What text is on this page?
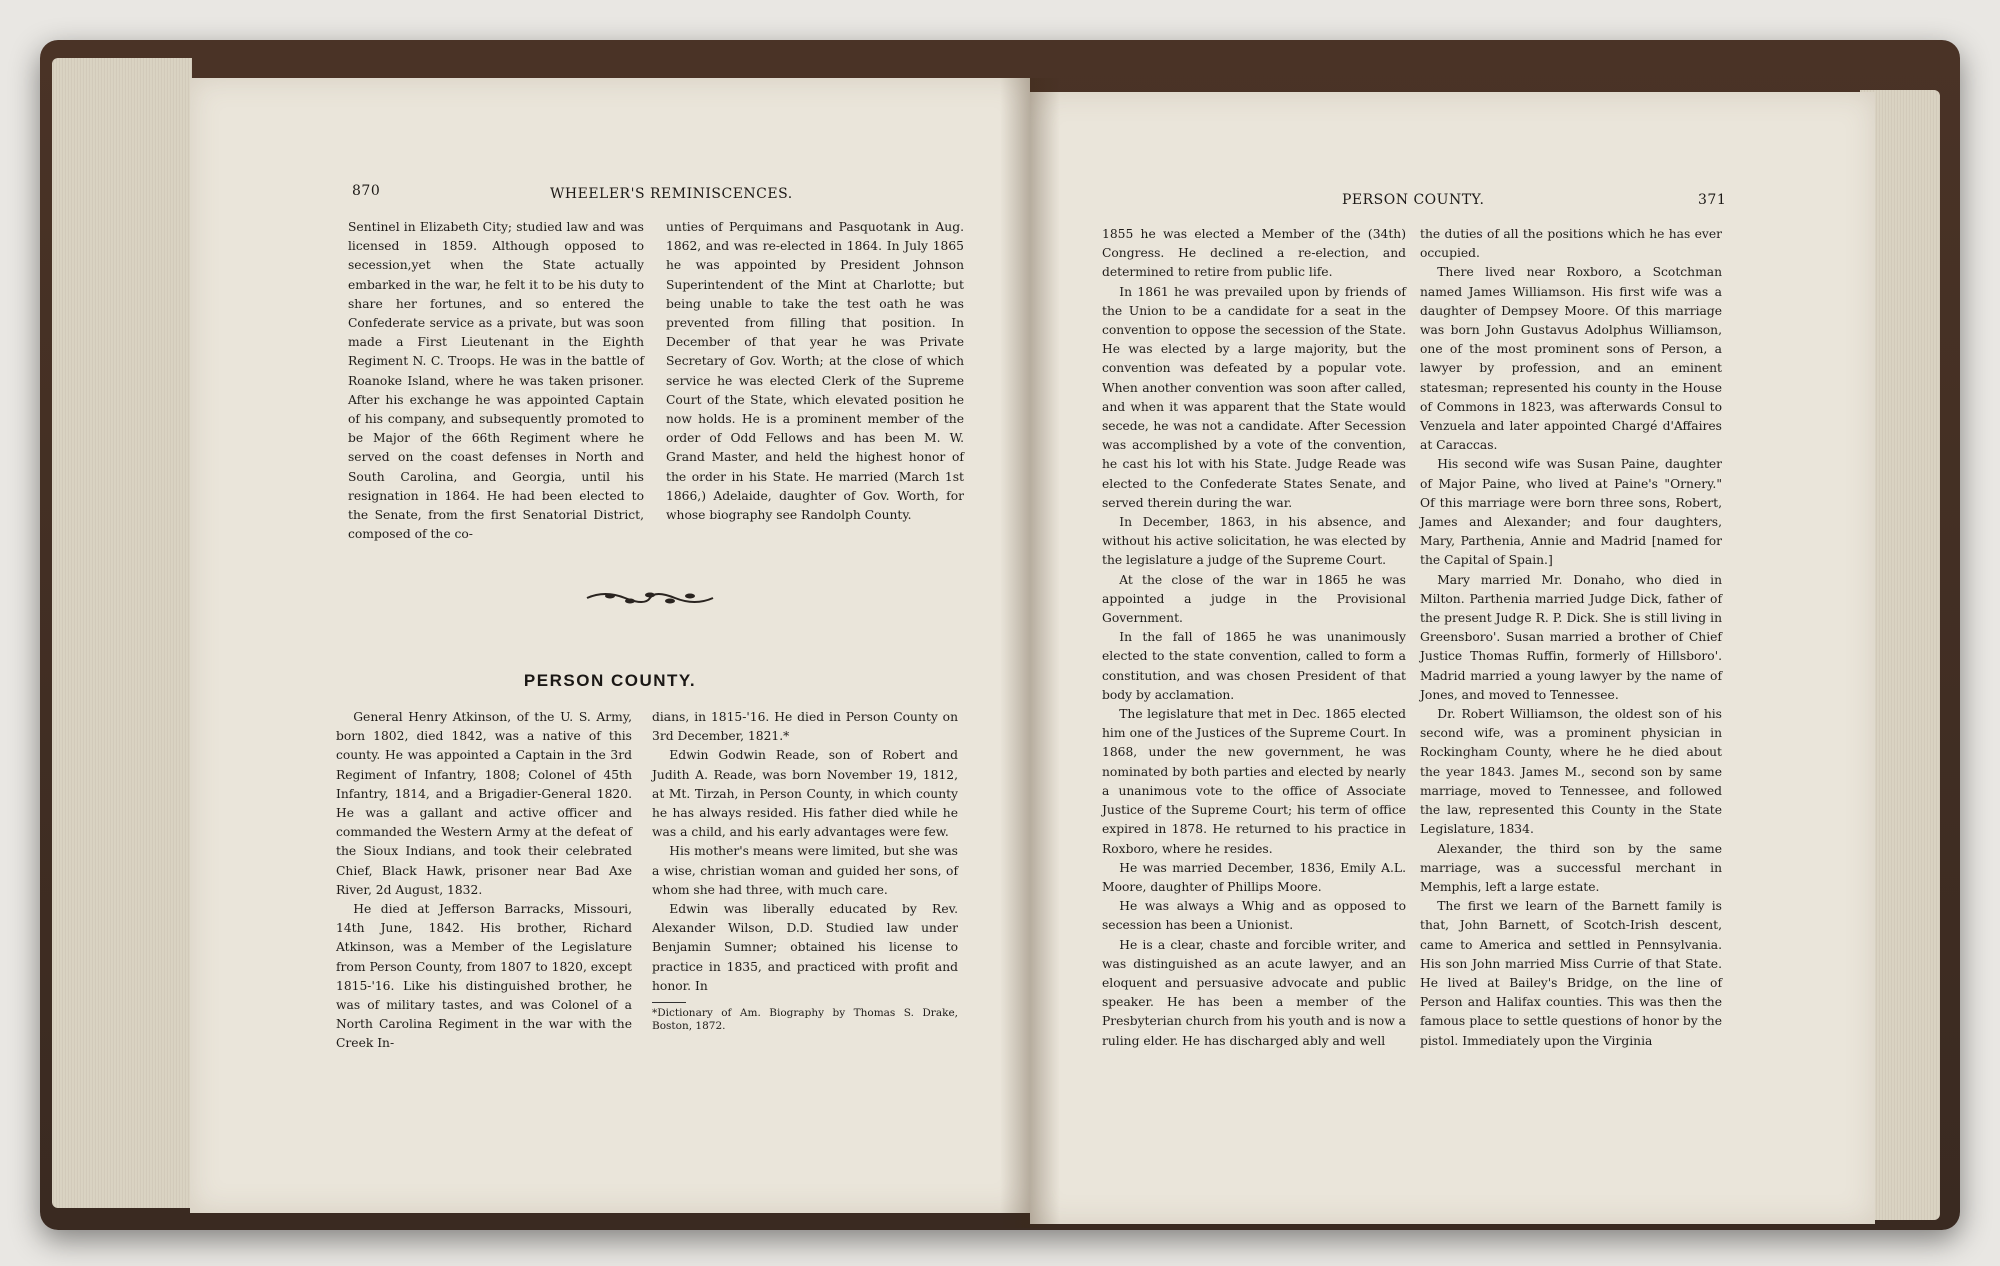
870	WHEELER'S REMINISCENCES.

Sentinel in Elizabeth City; studied law and was licensed in 1859. Although opposed to secession,yet when the State actually embarked in the war, he felt it to be his duty to share her fortunes, and so entered the Confederate service as a private, but was soon made a First Lieutenant in the Eighth Regiment N. C. Troops. He was in the battle of Roanoke Island, where he was taken prisoner. After his exchange he was appointed Captain of his company, and subsequently promoted to be Major of the 66th Regiment where he served on the coast defenses in North and South Carolina, and Georgia, until his resignation in 1864. He had been elected to the Senate, from the first Senatorial District, composed of the co-

unties of Perquimans and Pasquotank in Aug. 1862, and was re-elected in 1864. In July 1865 he was appointed by President Johnson Superintendent of the Mint at Charlotte; but being unable to take the test oath he was prevented from filling that position. In December of that year he was Private Secretary of Gov. Worth; at the close of which service he was elected Clerk of the Supreme Court of the State, which elevated position he now holds. He is a prominent member of the order of Odd Fellows and has been M. W. Grand Master, and held the highest honor of the order in his State. He married (March 1st 1866,) Adelaide, daughter of Gov. Worth, for whose biography see Randolph County.

PERSON COUNTY.

General Henry Atkinson, of the U. S. Army, born 1802, died 1842, was a native of this county. He was appointed a Captain in the 3rd Regiment of Infantry, 1808; Colonel of 45th Infantry, 1814, and a Brigadier-General 1820. He was a gallant and active officer and commanded the Western Army at the defeat of the Sioux Indians, and took their celebrated Chief, Black Hawk, prisoner near Bad Axe River, 2d August, 1832.

He died at Jefferson Barracks, Missouri, 14th June, 1842. His brother, Richard Atkinson, was a Member of the Legislature from Person County, from 1807 to 1820, except 1815-'16. Like his distinguished brother, he was of military tastes, and was Colonel of a North Carolina Regiment in the war with the Creek In-

dians, in 1815-'16. He died in Person County on 3rd December, 1821.*

Edwin Godwin Reade, son of Robert and Judith A. Reade, was born November 19, 1812, at Mt. Tirzah, in Person County, in which county he has always resided. His father died while he was a child, and his early advantages were few.

His mother's means were limited, but she was a wise, christian woman and guided her sons, of whom she had three, with much care.

Edwin was liberally educated by Rev. Alexander Wilson, D.D. Studied law under Benjamin Sumner; obtained his license to practice in 1835, and practiced with profit and honor. In

*Dictionary of Am. Biography by Thomas S. Drake, Boston, 1872.
PERSON COUNTY.	371

1855 he was elected a Member of the (34th) Congress. He declined a re-election, and determined to retire from public life.

In 1861 he was prevailed upon by friends of the Union to be a candidate for a seat in the convention to oppose the secession of the State. He was elected by a large majority, but the convention was defeated by a popular vote. When another convention was soon after called, and when it was apparent that the State would secede, he was not a candidate. After Secession was accomplished by a vote of the convention, he cast his lot with his State. Judge Reade was elected to the Confederate States Senate, and served therein during the war.

In December, 1863, in his absence, and without his active solicitation, he was elected by the legislature a judge of the Supreme Court.

At the close of the war in 1865 he was appointed a judge in the Provisional Government.

In the fall of 1865 he was unanimously elected to the state convention, called to form a constitution, and was chosen President of that body by acclamation.

The legislature that met in Dec. 1865 elected him one of the Justices of the Supreme Court. In 1868, under the new government, he was nominated by both parties and elected by nearly a unanimous vote to the office of Associate Justice of the Supreme Court; his term of office expired in 1878. He returned to his practice in Roxboro, where he resides.

He was married December, 1836, Emily A.L. Moore, daughter of Phillips Moore.

He was always a Whig and as opposed to secession has been a Unionist.

He is a clear, chaste and forcible writer, and was distinguished as an acute lawyer, and an eloquent and persuasive advocate and public speaker. He has been a member of the Presbyterian church from his youth and is now a ruling elder. He has discharged ably and well

the duties of all the positions which he has ever occupied.

There lived near Roxboro, a Scotchman named James Williamson. His first wife was a daughter of Dempsey Moore. Of this marriage was born John Gustavus Adolphus Williamson, one of the most prominent sons of Person, a lawyer by profession, and an eminent statesman; represented his county in the House of Commons in 1823, was afterwards Consul to Venzuela and later appointed Chargé d'Affaires at Caraccas.

His second wife was Susan Paine, daughter of Major Paine, who lived at Paine's "Ornery." Of this marriage were born three sons, Robert, James and Alexander; and four daughters, Mary, Parthenia, Annie and Madrid [named for the Capital of Spain.]

Mary married Mr. Donaho, who died in Milton. Parthenia married Judge Dick, father of the present Judge R. P. Dick. She is still living in Greensboro'. Susan married a brother of Chief Justice Thomas Ruffin, formerly of Hillsboro'. Madrid married a young lawyer by the name of Jones, and moved to Tennessee.

Dr. Robert Williamson, the oldest son of his second wife, was a prominent physician in Rockingham County, where he he died about the year 1843. James M., second son by same marriage, moved to Tennessee, and followed the law, represented this County in the State Legislature, 1834.

Alexander, the third son by the same marriage, was a successful merchant in Memphis, left a large estate.

The first we learn of the Barnett family is that, John Barnett, of Scotch-Irish descent, came to America and settled in Pennsylvania. His son John married Miss Currie of that State. He lived at Bailey's Bridge, on the line of Person and Halifax counties. This was then the famous place to settle questions of honor by the pistol. Immediately upon the Virginia
